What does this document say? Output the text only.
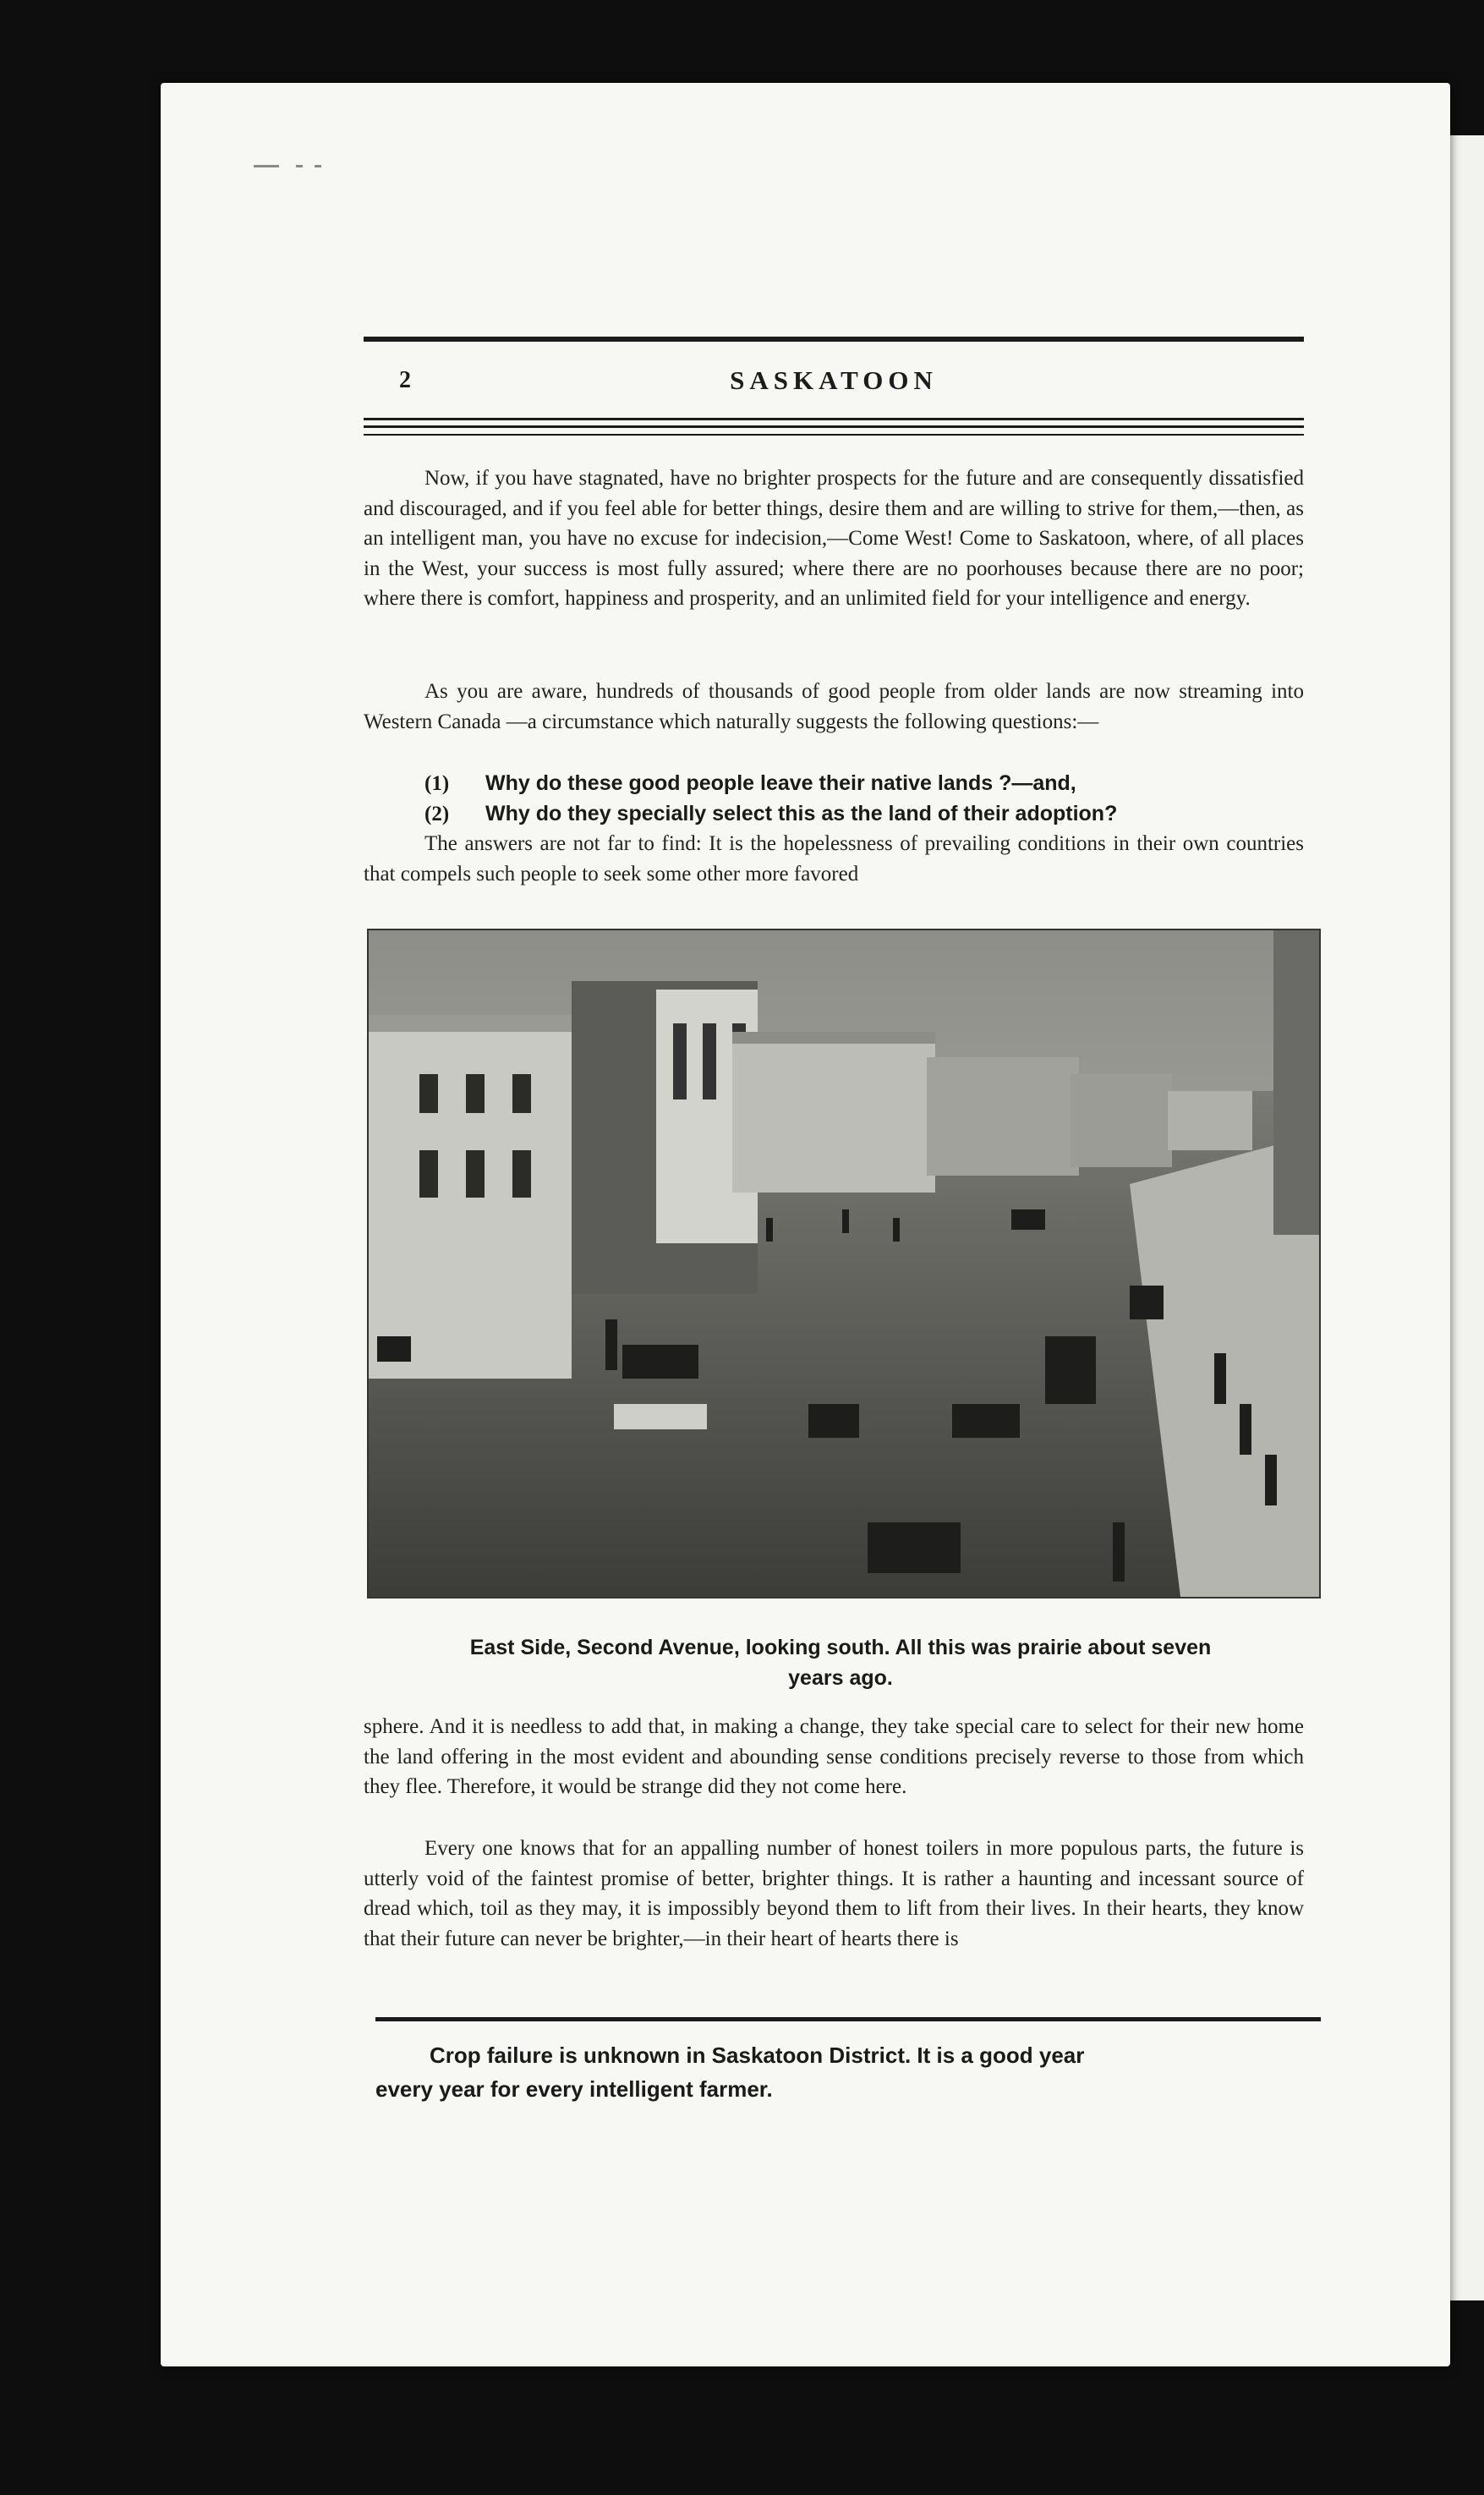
2	SASKATOON

Now, if you have stagnated, have no brighter prospects for the future and are consequently dissatisfied and discouraged, and if you feel able for better things, desire them and are willing to strive for them,—then, as an intelligent man, you have no excuse for indecision,—Come West! Come to Saskatoon, where, of all places in the West, your success is most fully assured; where there are no poorhouses because there are no poor; where there is comfort, happiness and prosperity, and an unlimited field for your intelligence and energy.

As you are aware, hundreds of thousands of good people from older lands are now streaming into Western Canada —a circumstance which naturally suggests the following questions:—

(1) Why do these good people leave their native lands ?—and,
(2) Why do they specially select this as the land of their adoption?

The answers are not far to find: It is the hopelessness of prevailing conditions in their own countries that compels such people to seek some other more favored

East Side, Second Avenue, looking south. All this was prairie about seven
years ago.

sphere. And it is needless to add that, in making a change, they take special care to select for their new home the land offering in the most evident and abounding sense conditions precisely reverse to those from which they flee. Therefore, it would be strange did they not come here.

Every one knows that for an appalling number of honest toilers in more populous parts, the future is utterly void of the faintest promise of better, brighter things. It is rather a haunting and incessant source of dread which, toil as they may, it is impossibly beyond them to lift from their lives. In their hearts, they know that their future can never be brighter,—in their heart of hearts there is

Crop failure is unknown in Saskatoon District. It is a good year
every year for every intelligent farmer.
